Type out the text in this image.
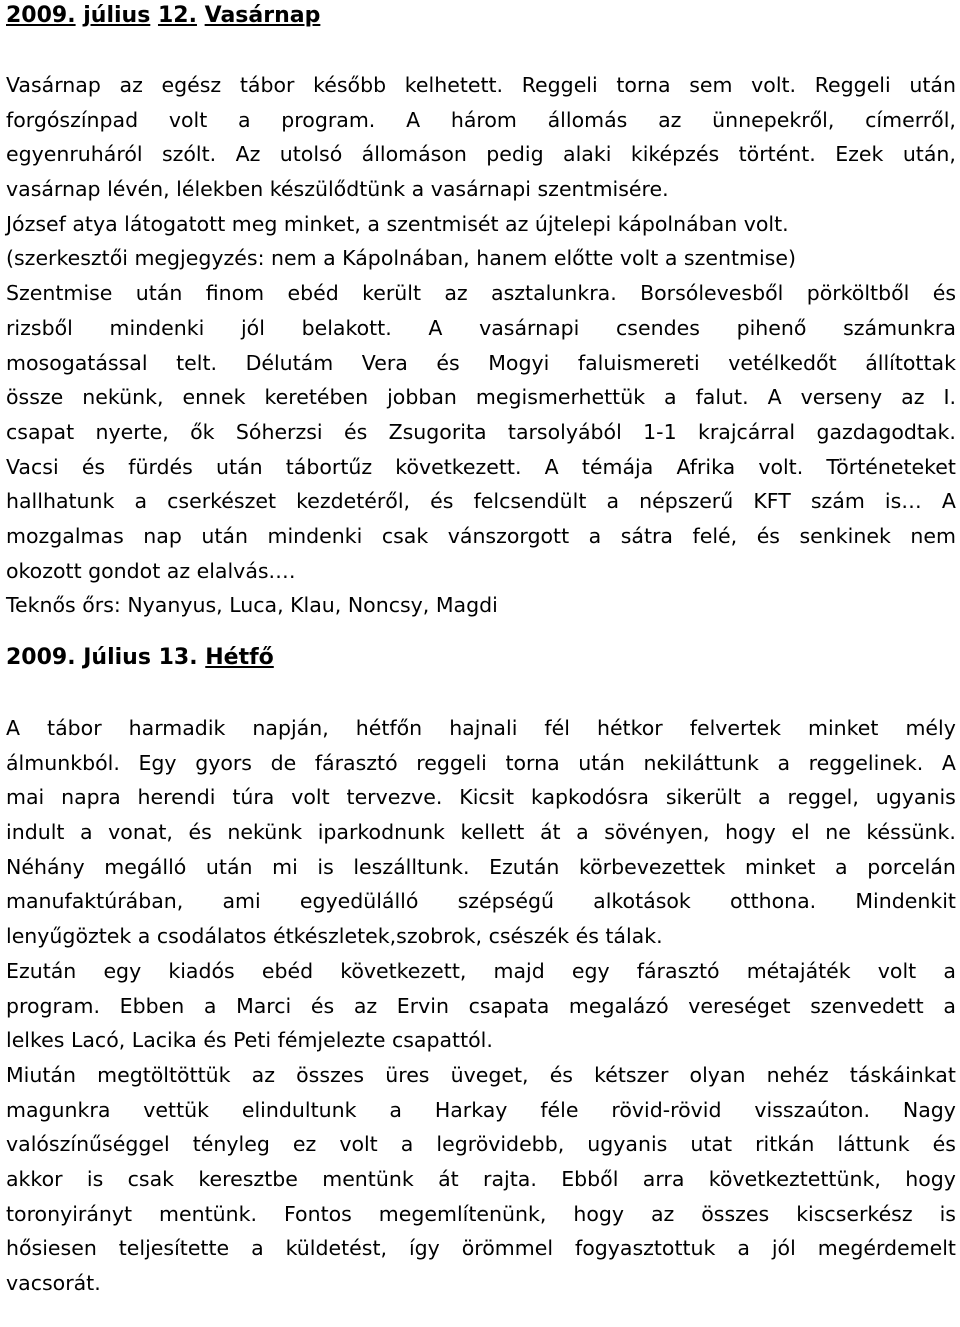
2009. július 12. Vasárnap
Vasárnap az egész tábor később kelhetett. Reggeli torna sem volt. Reggeli után
forgószínpad volt a program. A három állomás az ünnepekről, címerről,
egyenruháról szólt. Az utolsó állomáson pedig alaki kiképzés történt. Ezek után,
vasárnap lévén, lélekben készülődtünk a vasárnapi szentmisére.
József atya látogatott meg minket, a szentmisét az újtelepi kápolnában volt.
(szerkesztői megjegyzés: nem a Kápolnában, hanem előtte volt a szentmise)
Szentmise után finom ebéd került az asztalunkra. Borsólevesből pörköltből és
rizsből mindenki jól belakott. A vasárnapi csendes pihenő számunkra
mosogatással telt. Délutám Vera és Mogyi faluismereti vetélkedőt állítottak
össze nekünk, ennek keretében jobban megismerhettük a falut. A verseny az I.
csapat nyerte, ők Sóherzsi és Zsugorita tarsolyából 1-1 krajcárral gazdagodtak.
Vacsi és fürdés után tábortűz következett. A témája Afrika volt. Történeteket
hallhatunk a cserkészet kezdetéről, és felcsendült a népszerű KFT szám is… A
mozgalmas nap után mindenki csak vánszorgott a sátra felé, és senkinek nem
okozott gondot az elalvás.…
Teknős őrs: Nyanyus, Luca, Klau, Noncsy, Magdi
2009. Július 13. Hétfő
A tábor harmadik napján, hétfőn hajnali fél hétkor felvertek minket mély
álmunkból. Egy gyors de fárasztó reggeli torna után nekiláttunk a reggelinek. A
mai napra herendi túra volt tervezve. Kicsit kapkodósra sikerült a reggel, ugyanis
indult a vonat, és nekünk iparkodnunk kellett át a sövényen, hogy el ne késsünk.
Néhány megálló után mi is leszálltunk. Ezután körbevezettek minket a porcelán
manufaktúrában, ami egyedülálló szépségű alkotások otthona. Mindenkit
lenyűgöztek a csodálatos étkészletek,szobrok, csészék és tálak.
Ezután egy kiadós ebéd következett, majd egy fárasztó métajáték volt a
program. Ebben a Marci és az Ervin csapata megalázó vereséget szenvedett a
lelkes Lacó, Lacika és Peti fémjelezte csapattól.
Miután megtöltöttük az összes üres üveget, és kétszer olyan nehéz táskáinkat
magunkra vettük elindultunk a Harkay féle rövid-rövid visszaúton. Nagy
valószínűséggel tényleg ez volt a legrövidebb, ugyanis utat ritkán láttunk és
akkor is csak keresztbe mentünk át rajta. Ebből arra következtettünk, hogy
toronyirányt mentünk. Fontos megemlítenünk, hogy az összes kiscserkész is
hősiesen teljesítette a küldetést, így örömmel fogyasztottuk a jól megérdemelt
vacsorát.
